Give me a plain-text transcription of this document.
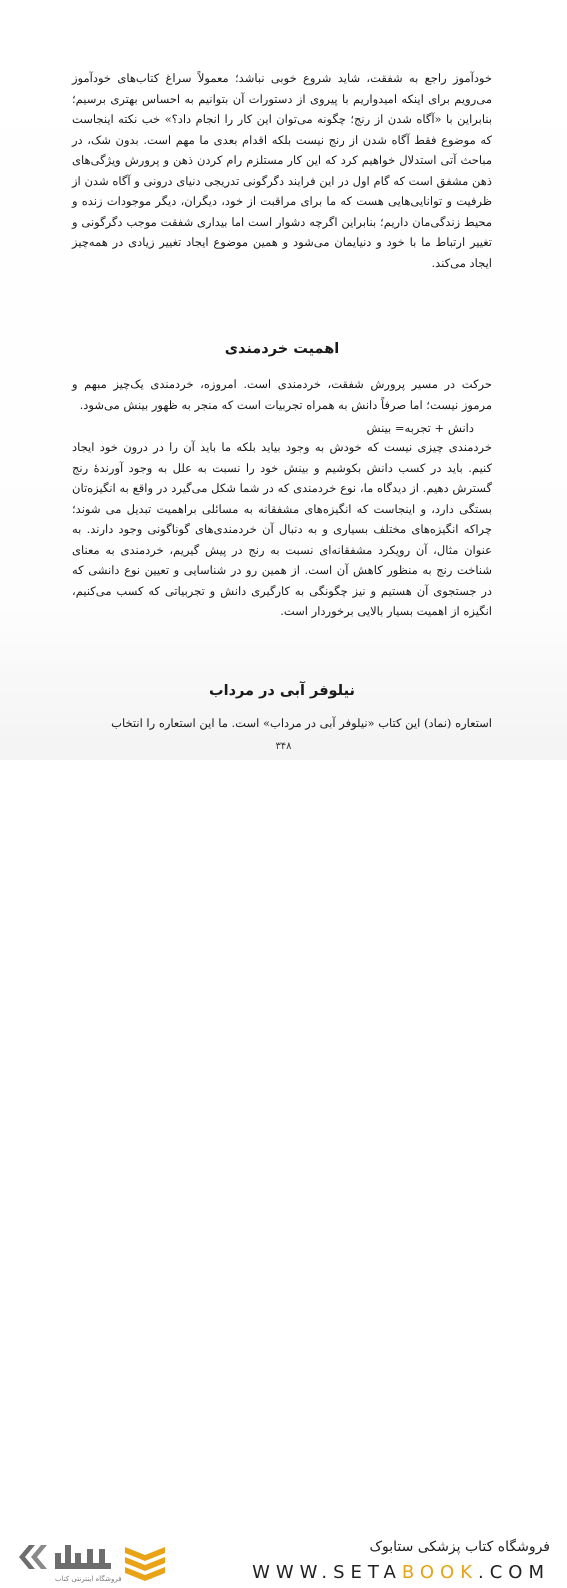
خودآموز راجع به شفقت، شاید شروع خوبی نباشد؛ معمولاً سراغ کتاب‌های خودآموز می‌رویم برای اینکه امیدواریم با پیروی از دستورات آن بتوانیم به احساس بهتری برسیم؛ بنابراین با «آگاه شدن از رنج؛ چگونه می‌توان این کار را انجام داد؟» خب نکته اینجاست که موضوع فقط آگاه شدن از رنج نیست بلکه اقدام بعدی ما مهم است. بدون شک، در مباحث آتی استدلال خواهیم کرد که این کار مستلزم رام کردن ذهن و پرورش ویژگی‌های ذهن مشفق است که گام اول در این فرایند دگرگونی تدریجی دنیای درونی و آگاه شدن از ظرفیت و توانایی‌هایی هست که ما برای مراقبت از خود، دیگران، دیگر موجودات زنده و محیط زندگی‌مان داریم؛ بنابراین اگرچه دشوار است اما بیداری شفقت موجب دگرگونی و تغییر ارتباط ما با خود و دنیایمان می‌شود و همین موضوع ایجاد تغییر زیادی در همه‌چیز ایجاد می‌کند.

اهمیت خردمندی

حرکت در مسیر پرورش شفقت، خردمندی است. امروزه، خردمندی یک‌چیز مبهم و مرموز نیست؛ اما صرفاً دانش به همراه تجربیات است که منجر به ظهور بینش می‌شود.

دانش + تجربه= بینش

خردمندی چیزی نیست که خودش به وجود بیاید بلکه ما باید آن را در درون خود ایجاد کنیم. باید در کسب دانش بکوشیم و بینش خود را نسبت به علل به وجود آورنده‌ٔ رنج گسترش دهیم. از دیدگاه ما، نوع خردمندی که در شما شکل می‌گیرد در واقع به انگیزه‌تان بستگی دارد، و اینجاست که انگیزه‌های مشفقانه به مسائلی براهمیت تبدیل می شوند؛ چراکه انگیزه‌های مختلف بسیاری و به دنبال آن خردمندی‌های گوناگونی وجود دارند. به عنوان مثال، آن رویکرد مشفقانه‌ای نسبت به رنج در پیش گیریم، خردمندی به معنای شناخت رنج به منظور کاهش آن است. از همین رو در شناسایی و تعیین نوع دانشی که در جستجوی آن هستیم و نیز چگونگی به کارگیری دانش و تجربیاتی که کسب می‌کنیم، انگیزه از اهمیت بسیار بالایی برخوردار است.

نیلوفر آبی در مرداب

استعاره (نماد) این کتاب «نیلوفر آبی در مرداب» است. ما این استعاره را انتخاب

۳۴۸
فروشگاه اینترنتی کتاب
فروشگاه کتاب پزشکی ستابوک
WWW.SETABOOK.COM
